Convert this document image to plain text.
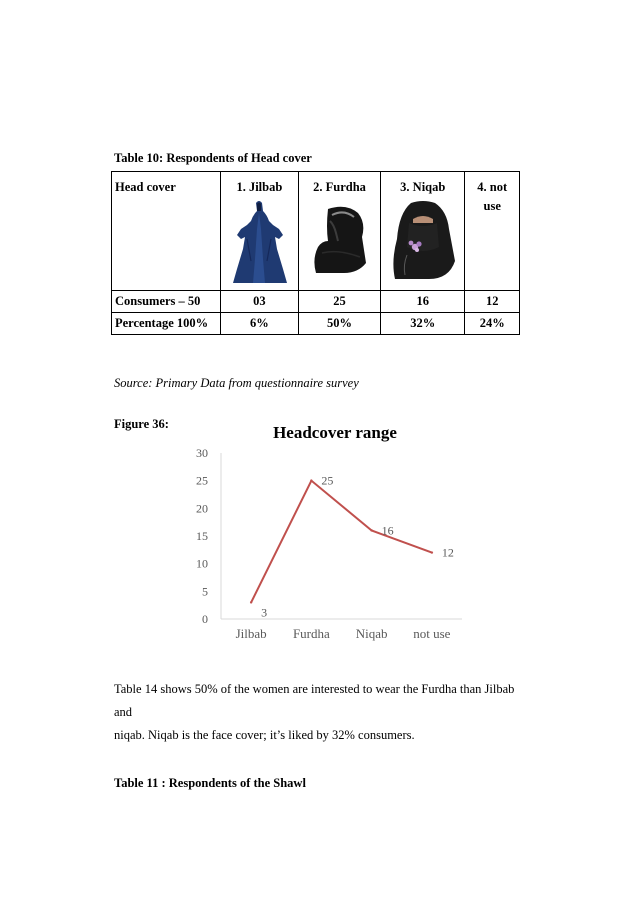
Table 10: Respondents of Head cover
Head cover	1. Jilbab	2. Furdha	3. Niqab	4. not
use

Consumers – 50	03	25	16	12
Percentage 100%	6%	50%	32%	24%
Source: Primary Data from questionnaire survey
Figure 36:	Headcover range
0
5
10
15
20
25
30
Jilbab Furdha Niqab not use
3
25
16
12
Table 14 shows 50% of the women are interested to wear the Furdha than Jilbab and
niqab. Niqab is the face cover; it’s liked by 32% consumers.
Table 11 : Respondents of the Shawl
